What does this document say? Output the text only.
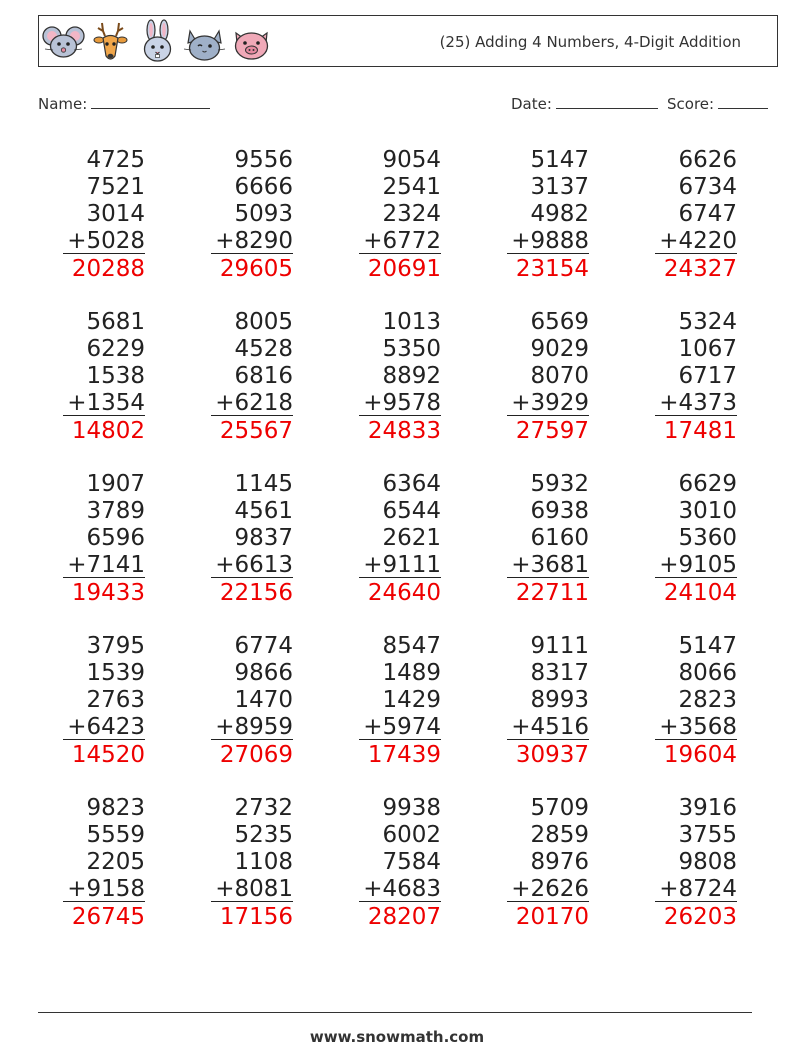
(25) Adding 4 Numbers, 4-Digit Addition
Name:	Date:	Score:
4725
7521
3014
+5028
20288
9556
6666
5093
+8290
29605
9054
2541
2324
+6772
20691
5147
3137
4982
+9888
23154
6626
6734
6747
+4220
24327
5681
6229
1538
+1354
14802
8005
4528
6816
+6218
25567
1013
5350
8892
+9578
24833
6569
9029
8070
+3929
27597
5324
1067
6717
+4373
17481
1907
3789
6596
+7141
19433
1145
4561
9837
+6613
22156
6364
6544
2621
+9111
24640
5932
6938
6160
+3681
22711
6629
3010
5360
+9105
24104
3795
1539
2763
+6423
14520
6774
9866
1470
+8959
27069
8547
1489
1429
+5974
17439
9111
8317
8993
+4516
30937
5147
8066
2823
+3568
19604
9823
5559
2205
+9158
26745
2732
5235
1108
+8081
17156
9938
6002
7584
+4683
28207
5709
2859
8976
+2626
20170
3916
3755
9808
+8724
26203
www.snowmath.com
